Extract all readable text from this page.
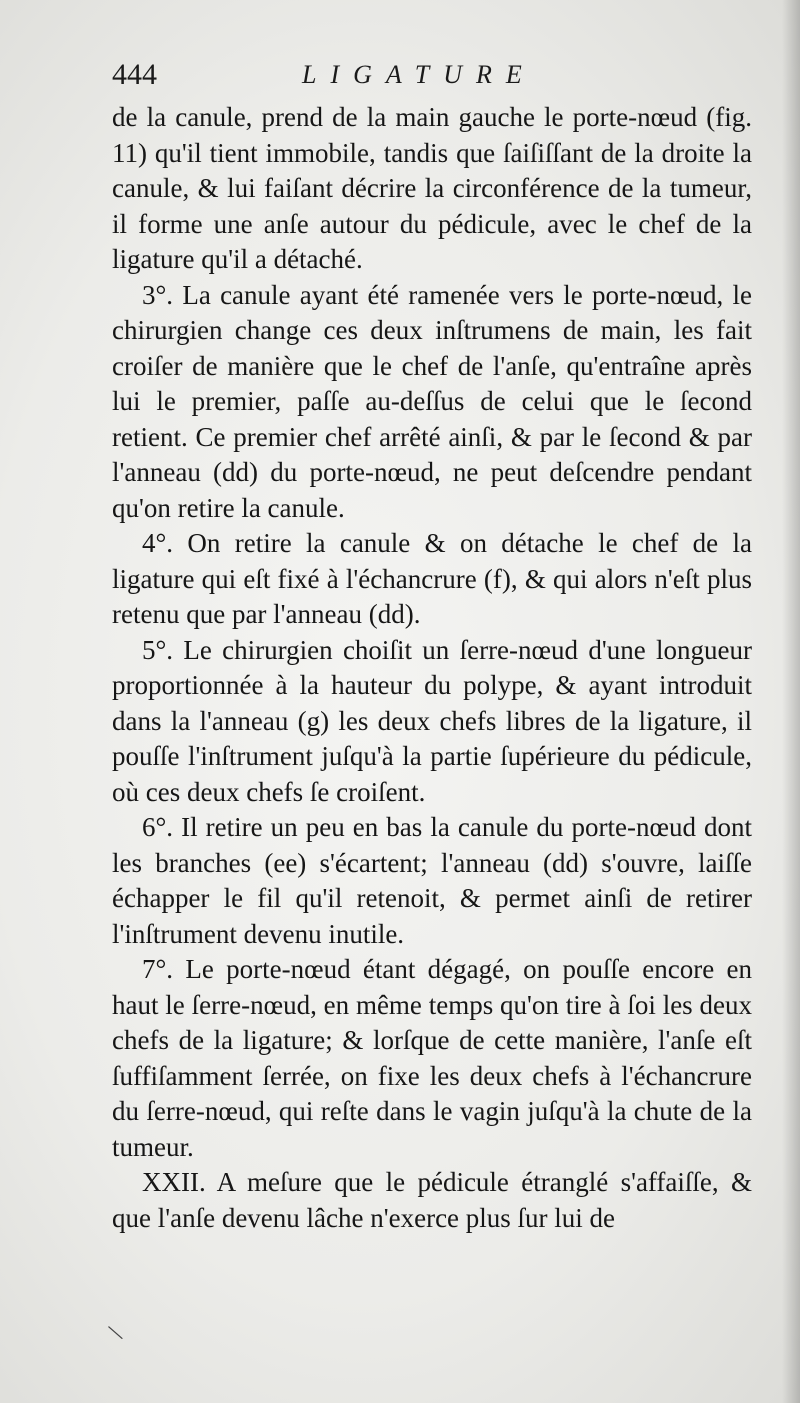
444	LIGATURE

de la canule, prend de la main gauche le porte-nœud (fig. 11) qu'il tient immobile, tandis que ſaiſiſſant de la droite la canule, & lui faiſant décrire la circonférence de la tumeur, il forme une anſe autour du pédicule, avec le chef de la ligature qu'il a détaché.

3°. La canule ayant été ramenée vers le porte-nœud, le chirurgien change ces deux inſtrumens de main, les fait croiſer de manière que le chef de l'anſe, qu'entraîne après lui le premier, paſſe au-deſſus de celui que le ſecond retient. Ce premier chef arrêté ainſi, & par le ſecond & par l'anneau (dd) du porte-nœud, ne peut deſcendre pendant qu'on retire la canule.

4°. On retire la canule & on détache le chef de la ligature qui eſt fixé à l'échancrure (f), & qui alors n'eſt plus retenu que par l'anneau (dd).

5°. Le chirurgien choiſit un ſerre-nœud d'une longueur proportionnée à la hauteur du polype, & ayant introduit dans la l'anneau (g) les deux chefs libres de la ligature, il pouſſe l'inſtrument juſqu'à la partie ſupérieure du pédicule, où ces deux chefs ſe croiſent.

6°. Il retire un peu en bas la canule du porte-nœud dont les branches (ee) s'écartent; l'anneau (dd) s'ouvre, laiſſe échapper le fil qu'il retenoit, & permet ainſi de retirer l'inſtrument devenu inutile.

7°. Le porte-nœud étant dégagé, on pouſſe encore en haut le ſerre-nœud, en même temps qu'on tire à ſoi les deux chefs de la ligature; & lorſque de cette manière, l'anſe eſt ſuffiſamment ſerrée, on fixe les deux chefs à l'échancrure du ſerre-nœud, qui reſte dans le vagin juſqu'à la chute de la tumeur.

XXII. A meſure que le pédicule étranglé s'affaiſſe, & que l'anſe devenu lâche n'exerce plus ſur lui de

\
